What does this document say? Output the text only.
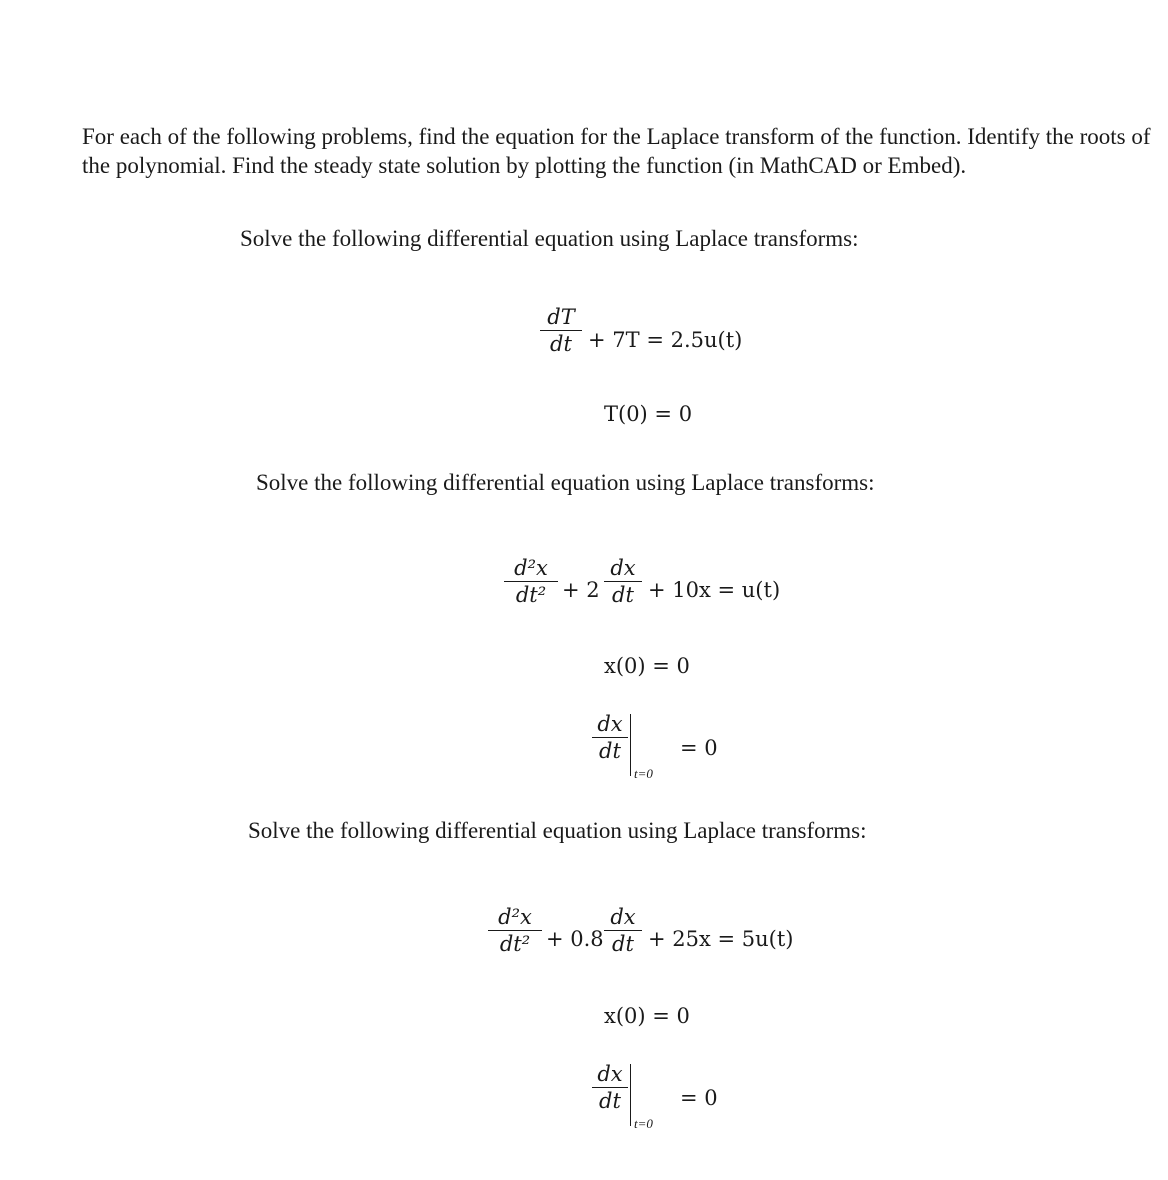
For each of the following problems, find the equation for the Laplace transform of the function. Identify the roots of the polynomial. Find the steady state solution by plotting the function (in MathCAD or Embed).

Solve the following differential equation using Laplace transforms:
dT
dt + 7T = 2.5u(t)
T(0) = 0
Solve the following differential equation using Laplace transforms:
d²x
dt² + 2
dx
dt + 10x = u(t)
x(0) = 0
dx
dt
t=0
= 0
Solve the following differential equation using Laplace transforms:
d²x
dt² + 0.8
dx
dt + 25x = 5u(t)
x(0) = 0
dx
dt
t=0
= 0
